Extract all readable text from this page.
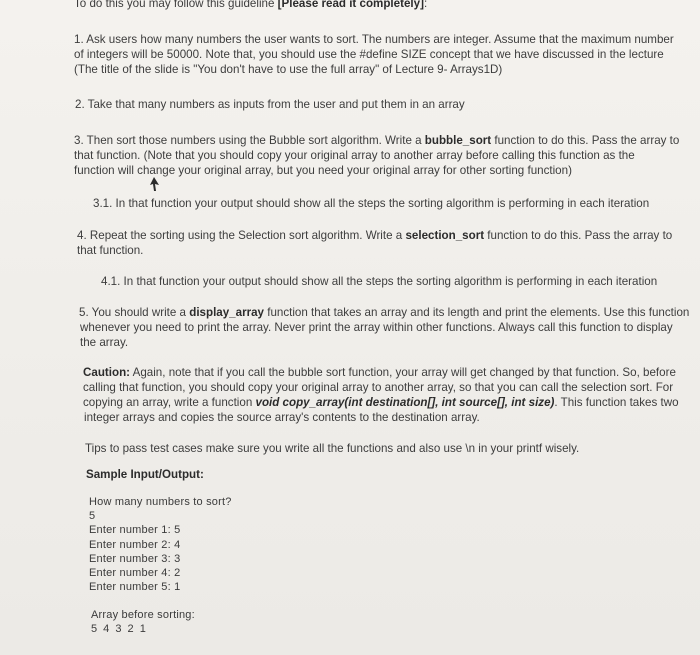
To do this you may follow this guideline [Please read it completely]:

1. Ask users how many numbers the user wants to sort. The numbers are integer. Assume that the maximum number

of integers will be 50000. Note that, you should use the #define SIZE concept that we have discussed in the lecture

(The title of the slide is "You don't have to use the full array" of Lecture 9- Arrays1D)

2. Take that many numbers as inputs from the user and put them in an array

3. Then sort those numbers using the Bubble sort algorithm. Write a bubble_sort function to do this. Pass the array to

that function. (Note that you should copy your original array to another array before calling this function as the

function will change your original array, but you need your original array for other sorting function)

3.1. In that function your output should show all the steps the sorting algorithm is performing in each iteration

4. Repeat the sorting using the Selection sort algorithm. Write a selection_sort function to do this. Pass the array to

that function.

4.1. In that function your output should show all the steps the sorting algorithm is performing in each iteration

5. You should write a display_array function that takes an array and its length and print the elements. Use this function

whenever you need to print the array. Never print the array within other functions. Always call this function to display

the array.

Caution: Again, note that if you call the bubble sort function, your array will get changed by that function. So, before

calling that function, you should copy your original array to another array, so that you can call the selection sort. For

copying an array, write a function void copy_array(int destination[], int source[], int size). This function takes two

integer arrays and copies the source array's contents to the destination array.

Tips to pass test cases make sure you write all the functions and also use \n in your printf wisely.

Sample Input/Output:

How many numbers to sort?
5
Enter number 1: 5
Enter number 2: 4
Enter number 3: 3
Enter number 4: 2
Enter number 5: 1
Array before sorting:
5 4 3 2 1
